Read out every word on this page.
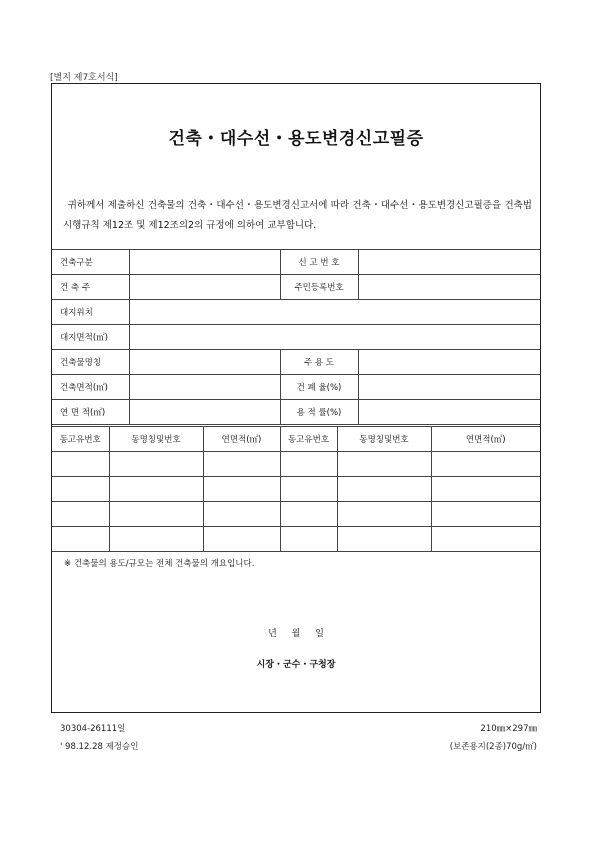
[별지 제7호서식]
건축・대수선・용도변경신고필증
귀하께서 제출하신 건축물의 건축・대수선・용도변경신고서에 따라 건축・대수선・용도변경신고필증을 건축법시행규칙 제12조 및 제12조의2의 규정에 의하여 교부합니다.
건축구분		신 고 번 호	
건 축 주		주민등록번호	
대지위치			
대지면적(㎡)			
건축물명칭		주 용 도	
건축면적(㎡)		건 폐 율(%)	
연 면 적(㎡)		용 적 률(%)	
동고유번호	동명칭및번호	연면적(㎡)	동고유번호	동명칭및번호	연면적(㎡)

※ 건축물의 용도/규모는 전체 건축물의 개요입니다.
년 월 일
시장・군수・구청장
30304-26111일
' 98.12.28 제정승인
210㎜×297㎜
(보존용지(2종)70g/㎡)
